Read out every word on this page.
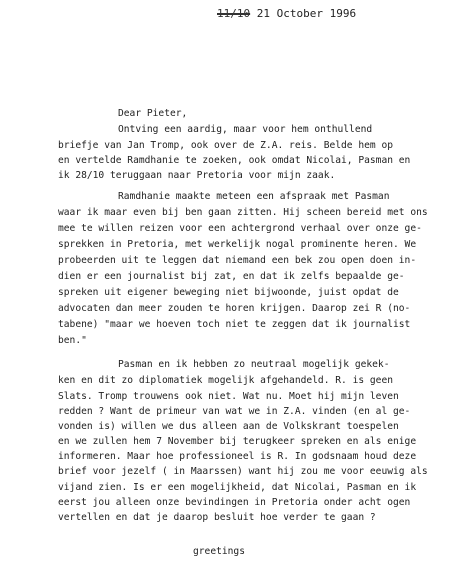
11/10 21 October 1996
Dear Pieter,
Ontving een aardig, maar voor hem onthullend
briefje van Jan Tromp, ook over de Z.A. reis. Belde hem op
en vertelde Ramdhanie te zoeken, ook omdat Nicolai, Pasman en
ik 28/10 teruggaan naar Pretoria voor mijn zaak.
Ramdhanie maakte meteen een afspraak met Pasman
waar ik maar even bij ben gaan zitten. Hij scheen bereid met ons
mee te willen reizen voor een achtergrond verhaal over onze ge-
sprekken in Pretoria, met werkelijk nogal prominente heren. We
probeerden uit te leggen dat niemand een bek zou open doen in-
dien er een journalist bij zat, en dat ik zelfs bepaalde ge-
spreken uit eigener beweging niet bijwoonde, juist opdat de
advocaten dan meer zouden te horen krijgen. Daarop zei R (no-
tabene) "maar we hoeven toch niet te zeggen dat ik journalist
ben."
Pasman en ik hebben zo neutraal mogelijk gekek-
ken en dit zo diplomatiek mogelijk afgehandeld. R. is geen
Slats. Tromp trouwens ook niet. Wat nu. Moet hij mijn leven
redden ? Want de primeur van wat we in Z.A. vinden (en al ge-
vonden is) willen we dus alleen aan de Volkskrant toespelen
en we zullen hem 7 November bij terugkeer spreken en als enige
informeren. Maar hoe professioneel is R. In godsnaam houd deze
brief voor jezelf ( in Maarssen) want hij zou me voor eeuwig als
vijand zien. Is er een mogelijkheid, dat Nicolai, Pasman en ik
eerst jou alleen onze bevindingen in Pretoria onder acht ogen
vertellen en dat je daarop besluit hoe verder te gaan ?
greetings
